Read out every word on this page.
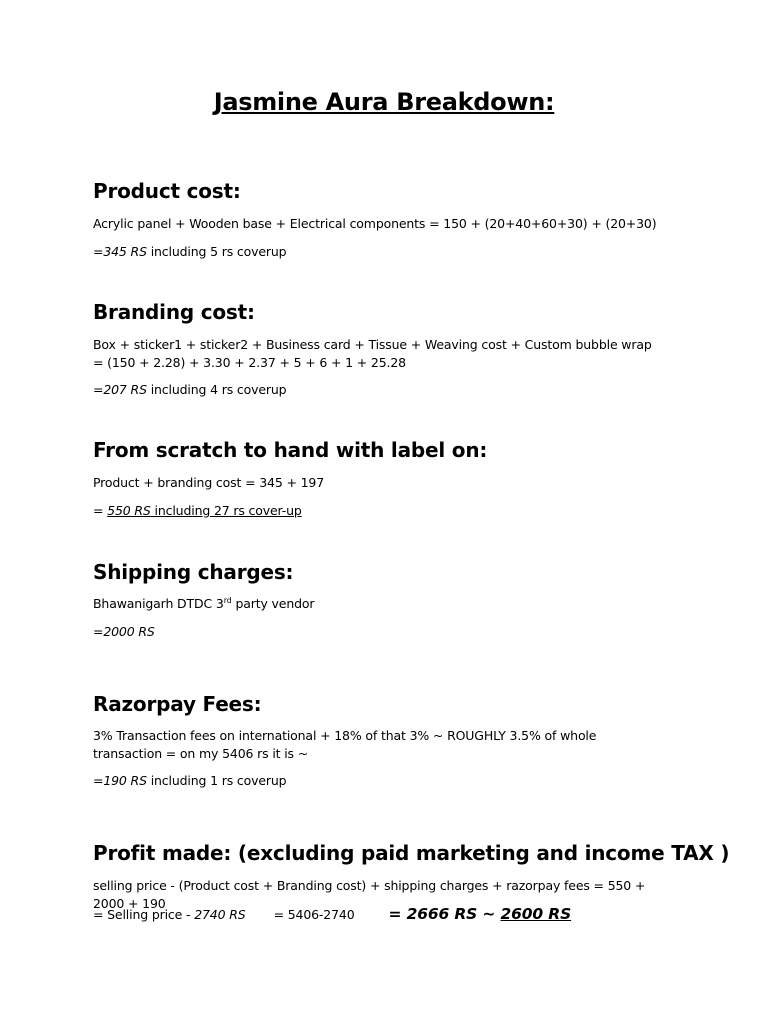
Jasmine Aura Breakdown:
Product cost:
Acrylic panel + Wooden base + Electrical components = 150 + (20+40+60+30) + (20+30)
=345 RS including 5 rs coverup
Branding cost:
Box + sticker1 + sticker2 + Business card + Tissue + Weaving cost + Custom bubble wrap = (150 + 2.28) + 3.30 + 2.37 + 5 + 6 + 1 + 25.28
=207 RS including 4 rs coverup
From scratch to hand with label on:
Product + branding cost = 345 + 197
= 550 RS including 27 rs cover-up
Shipping charges:
Bhawanigarh DTDC 3rd party vendor
=2000 RS
Razorpay Fees:
3% Transaction fees on international + 18% of that 3% ~ ROUGHLY 3.5% of whole transaction = on my 5406 rs it is ~
=190 RS including 1 rs coverup
Profit made: (excluding paid marketing and income TAX )
selling price - (Product cost + Branding cost) + shipping charges + razorpay fees = 550 + 2000 + 190
= Selling price - 2740 RS = 5406-2740 = 2666 RS ~ 2600 RS
